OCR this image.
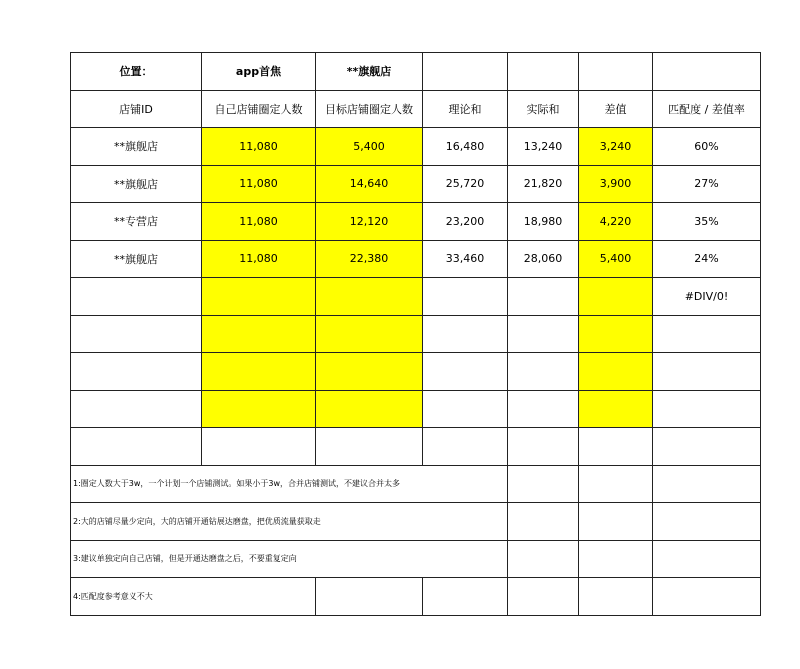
位置：	app首焦	**旗舰店				
店铺ID	自己店铺圈定人数	目标店铺圈定人数	理论和	实际和	差值	匹配度 / 差值率
**旗舰店	11,080	5,400	16,480	13,240	3,240	60%
**旗舰店	11,080	14,640	25,720	21,820	3,900	27%
**专营店	11,080	12,120	23,200	18,980	4,220	35%
**旗舰店	11,080	22,380	33,460	28,060	5,400	24%
						#DIV/0!

1:圈定人数大于3w，一个计划一个店铺测试。如果小于3w，合并店铺测试，不建议合并太多						
2:大的店铺尽量少定向，大的店铺开通钻展达磨盘，把优质流量获取走						
3:建议单独定向自己店铺，但是开通达磨盘之后，不要重复定向						
4:匹配度参考意义不大						
